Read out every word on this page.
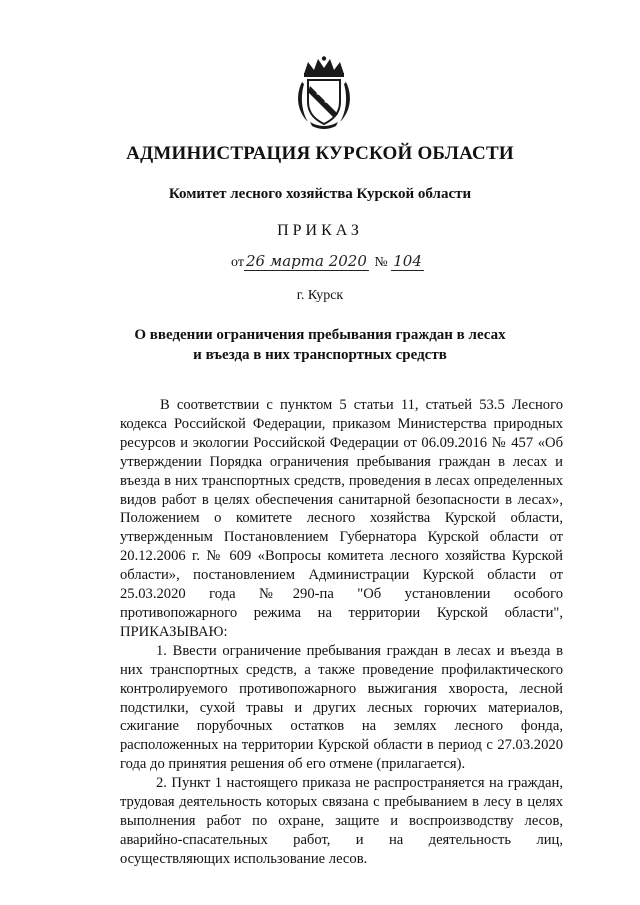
АДМИНИСТРАЦИЯ КУРСКОЙ ОБЛАСТИ
Комитет лесного хозяйства Курской области
ПРИКАЗ
от 26 марта 2020 № 104
г. Курск
О введении ограничения пребывания граждан в лесах
и въезда в них транспортных средств

В соответствии с пунктом 5 статьи 11, статьей 53.5 Лесного кодекса Российской Федерации, приказом Министерства природных ресурсов и экологии Российской Федерации от 06.09.2016 № 457 «Об утверждении Порядка ограничения пребывания граждан в лесах и въезда в них транспортных средств, проведения в лесах определенных видов работ в целях обеспечения санитарной безопасности в лесах», Положением о комитете лесного хозяйства Курской области, утвержденным Постановлением Губернатора Курской области от 20.12.2006 г. № 609 «Вопросы комитета лесного хозяйства Курской области», постановлением Администрации Курской области от 25.03.2020 года №290-па "Об установлении особого противопожарного режима на территории Курской области", ПРИКАЗЫВАЮ:

1. Ввести ограничение пребывания граждан в лесах и въезда в них транспортных средств, а также проведение профилактического контролируемого противопожарного выжигания хвороста, лесной подстилки, сухой травы и других лесных горючих материалов, сжигание порубочных остатков на землях лесного фонда, расположенных на территории Курской области в период с 27.03.2020 года до принятия решения об его отмене (прилагается).

2. Пункт 1 настоящего приказа не распространяется на граждан, трудовая деятельность которых связана с пребыванием в лесу в целях выполнения работ по охране, защите и воспроизводству лесов, аварийно-спасательных работ, и на деятельность лиц, осуществляющих использование лесов.
